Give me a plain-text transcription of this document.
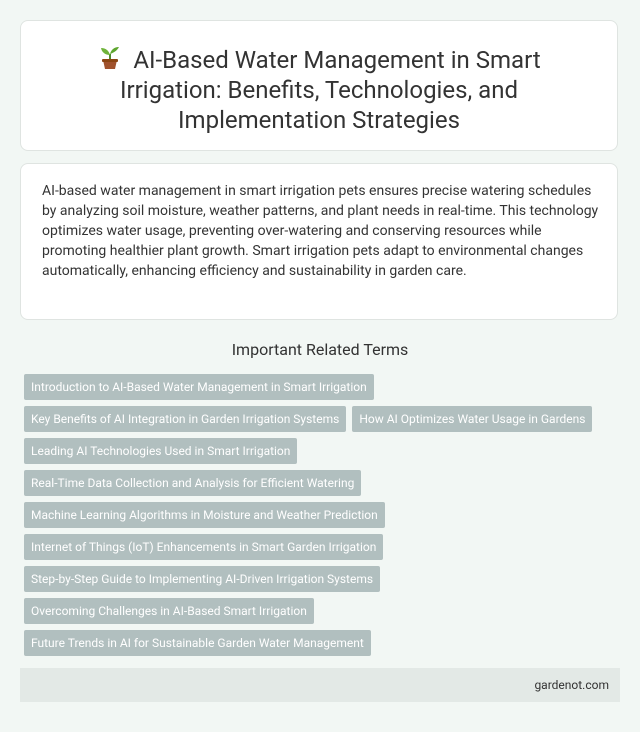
AI-Based Water Management in Smart Irrigation: Benefits, Technologies, and Implementation Strategies

AI-based water management in smart irrigation pets ensures precise watering schedules by analyzing soil moisture, weather patterns, and plant needs in real-time. This technology optimizes water usage, preventing over-watering and conserving resources while promoting healthier plant growth. Smart irrigation pets adapt to environmental changes automatically, enhancing efficiency and sustainability in garden care.

Important Related Terms
Introduction to AI-Based Water Management in Smart Irrigation
Key Benefits of AI Integration in Garden Irrigation Systems How AI Optimizes Water Usage in Gardens
Leading AI Technologies Used in Smart Irrigation
Real-Time Data Collection and Analysis for Efficient Watering
Machine Learning Algorithms in Moisture and Weather Prediction
Internet of Things (IoT) Enhancements in Smart Garden Irrigation
Step-by-Step Guide to Implementing AI-Driven Irrigation Systems
Overcoming Challenges in AI-Based Smart Irrigation
Future Trends in AI for Sustainable Garden Water Management
gardenot.com
